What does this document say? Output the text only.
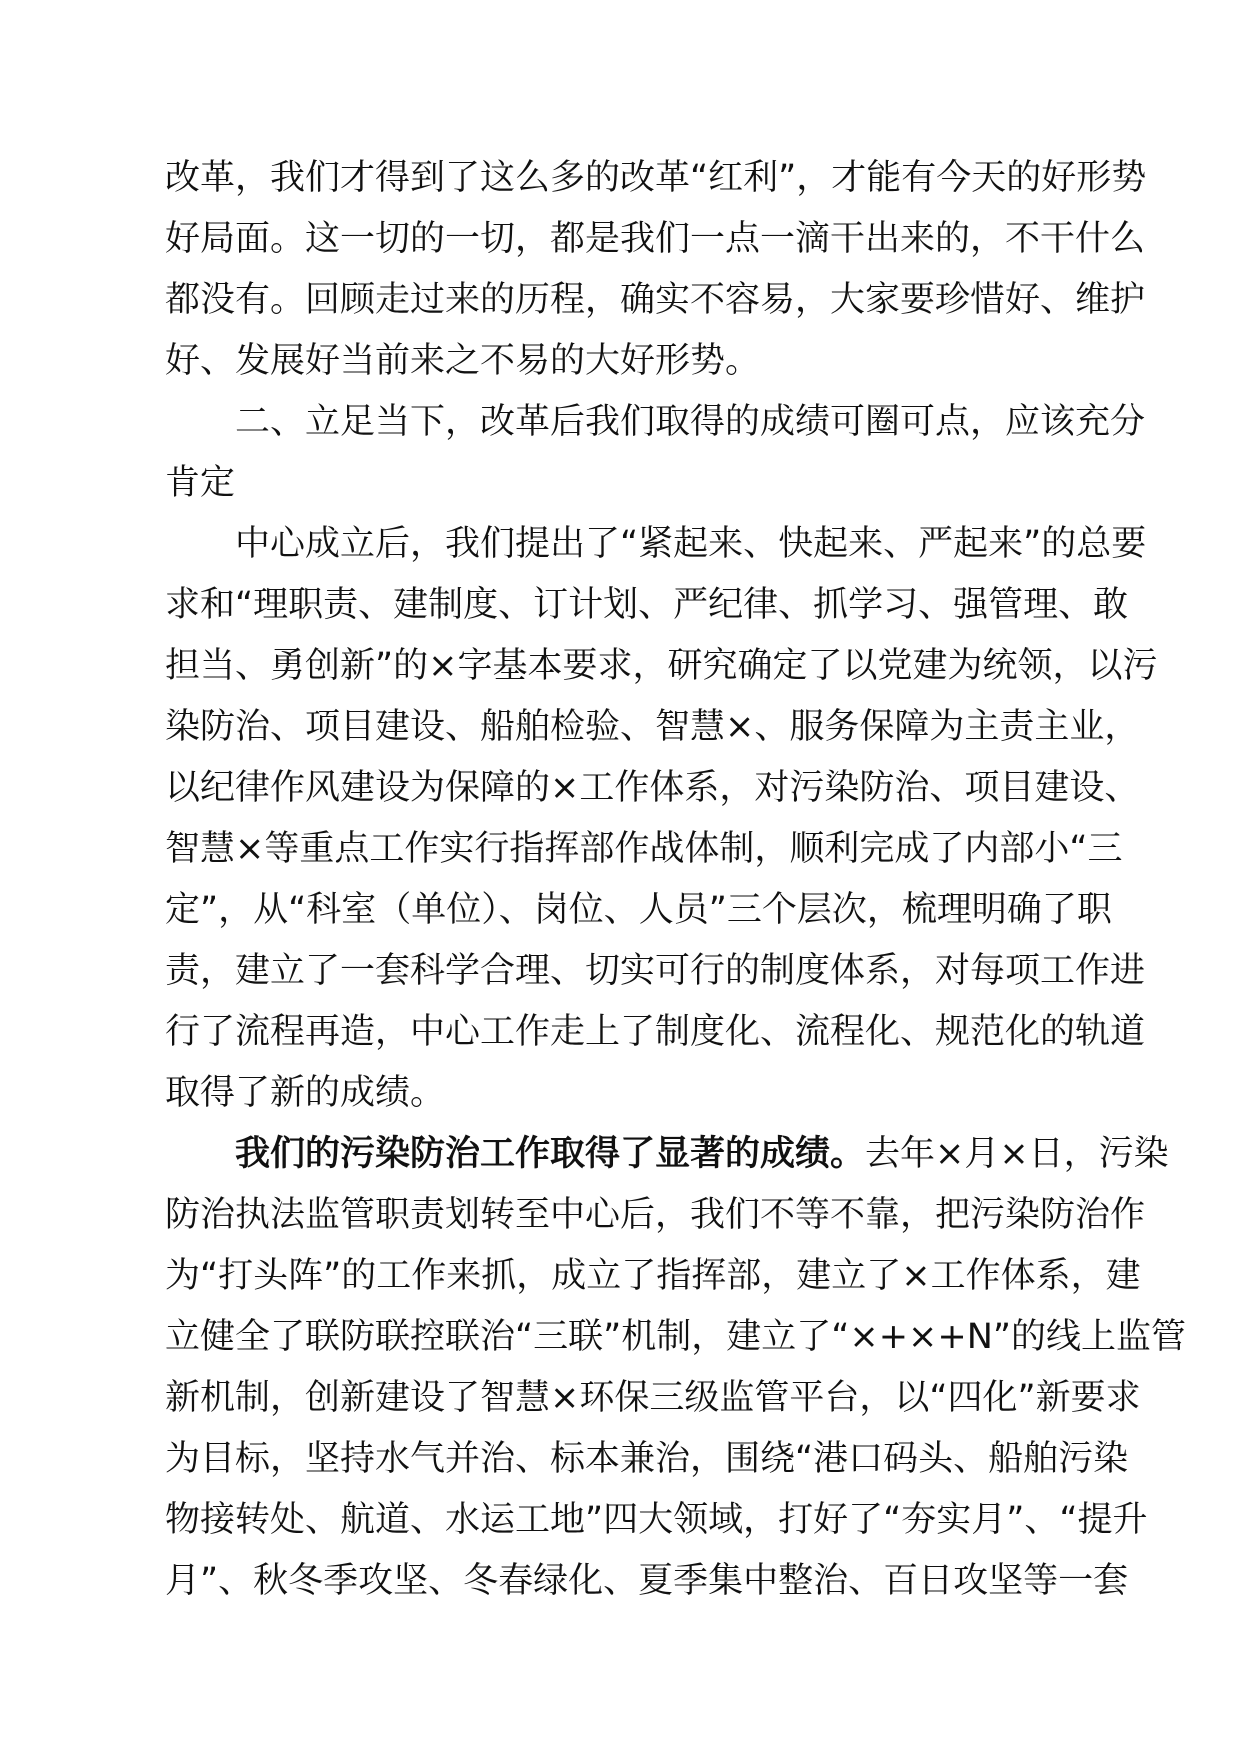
改革，我们才得到了这么多的改革“红利”，才能有今天的好形势
好局面。这一切的一切，都是我们一点一滴干出来的，不干什么
都没有。回顾走过来的历程，确实不容易，大家要珍惜好、维护
好、发展好当前来之不易的大好形势。
二、立足当下，改革后我们取得的成绩可圈可点，应该充分
肯定
中心成立后，我们提出了“紧起来、快起来、严起来”的总要
求和“理职责、建制度、订计划、严纪律、抓学习、强管理、敢
担当、勇创新”的×字基本要求，研究确定了以党建为统领，以污
染防治、项目建设、船舶检验、智慧×、服务保障为主责主业，
以纪律作风建设为保障的×工作体系，对污染防治、项目建设、
智慧×等重点工作实行指挥部作战体制，顺利完成了内部小“三
定”，从“科室（单位）、岗位、人员”三个层次，梳理明确了职
责，建立了一套科学合理、切实可行的制度体系，对每项工作进
行了流程再造，中心工作走上了制度化、流程化、规范化的轨道
取得了新的成绩。
我们的污染防治工作取得了显著的成绩。去年×月×日，污染
防治执法监管职责划转至中心后，我们不等不靠，把污染防治作
为“打头阵”的工作来抓，成立了指挥部，建立了×工作体系，建
立健全了联防联控联治“三联”机制，建立了“×+×+N”的线上监管
新机制，创新建设了智慧×环保三级监管平台，以“四化”新要求
为目标，坚持水气并治、标本兼治，围绕“港口码头、船舶污染
物接转处、航道、水运工地”四大领域，打好了“夯实月”、“提升
月”、秋冬季攻坚、冬春绿化、夏季集中整治、百日攻坚等一套
